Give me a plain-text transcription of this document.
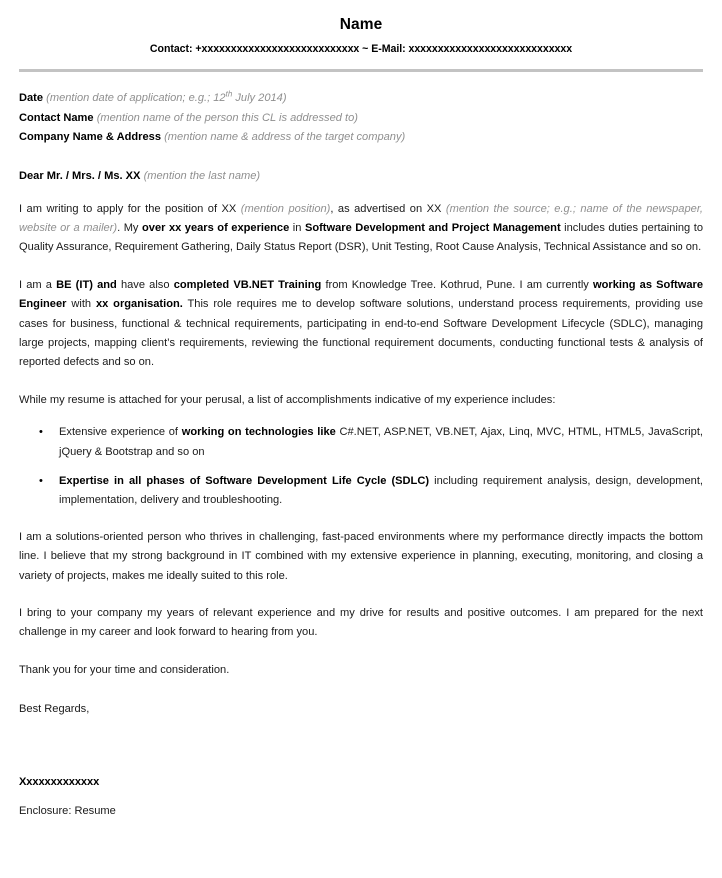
Name
Contact: +xxxxxxxxxxxxxxxxxxxxxxxxxxx ~ E-Mail: xxxxxxxxxxxxxxxxxxxxxxxxxxxx
Date (mention date of application; e.g.; 12th July 2014)
Contact Name (mention name of the person this CL is addressed to)
Company Name & Address (mention name & address of the target company)
Dear Mr. / Mrs. / Ms. XX (mention the last name)

I am writing to apply for the position of XX (mention position), as advertised on XX (mention the source; e.g.; name of the newspaper, website or a mailer). My over xx years of experience in Software Development and Project Management includes duties pertaining to Quality Assurance, Requirement Gathering, Daily Status Report (DSR), Unit Testing, Root Cause Analysis, Technical Assistance and so on.

I am a BE (IT) and have also completed VB.NET Training from Knowledge Tree. Kothrud, Pune. I am currently working as Software Engineer with xx organisation. This role requires me to develop software solutions, understand process requirements, providing use cases for business, functional & technical requirements, participating in end-to-end Software Development Lifecycle (SDLC), managing large projects, mapping client’s requirements, reviewing the functional requirement documents, conducting functional tests & analysis of reported defects and so on.

While my resume is attached for your perusal, a list of accomplishments indicative of my experience includes:

• Extensive experience of working on technologies like C#.NET, ASP.NET, VB.NET, Ajax, Linq, MVC, HTML, HTML5, JavaScript, jQuery & Bootstrap and so on
• Expertise in all phases of Software Development Life Cycle (SDLC) including requirement analysis, design, development, implementation, delivery and troubleshooting.

I am a solutions-oriented person who thrives in challenging, fast-paced environments where my performance directly impacts the bottom line. I believe that my strong background in IT combined with my extensive experience in planning, executing, monitoring, and closing a variety of projects, makes me ideally suited to this role.

I bring to your company my years of relevant experience and my drive for results and positive outcomes. I am prepared for the next challenge in my career and look forward to hearing from you.

Thank you for your time and consideration.

Best Regards,
Xxxxxxxxxxxxx
Enclosure: Resume
